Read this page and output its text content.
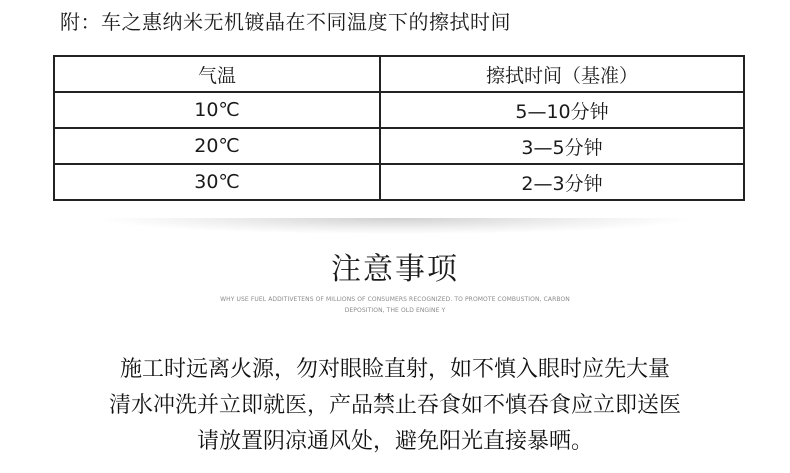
附：车之惠纳米无机镀晶在不同温度下的擦拭时间
气温	擦拭时间（基准）
10℃	5—10分钟
20℃	3—5分钟
30℃	2—3分钟
注意事项
WHY USE FUEL ADDITIVETENS OF MILLIONS OF CONSUMERS RECOGNIZED. TO PROMOTE COMBUSTION, CARBON
DEPOSITION, THE OLD ENGINE Y
施工时远离火源，勿对眼睑直射，如不慎入眼时应先大量
清水冲洗并立即就医，产品禁止吞食如不慎吞食应立即送医
请放置阴凉通风处，避免阳光直接暴晒。
